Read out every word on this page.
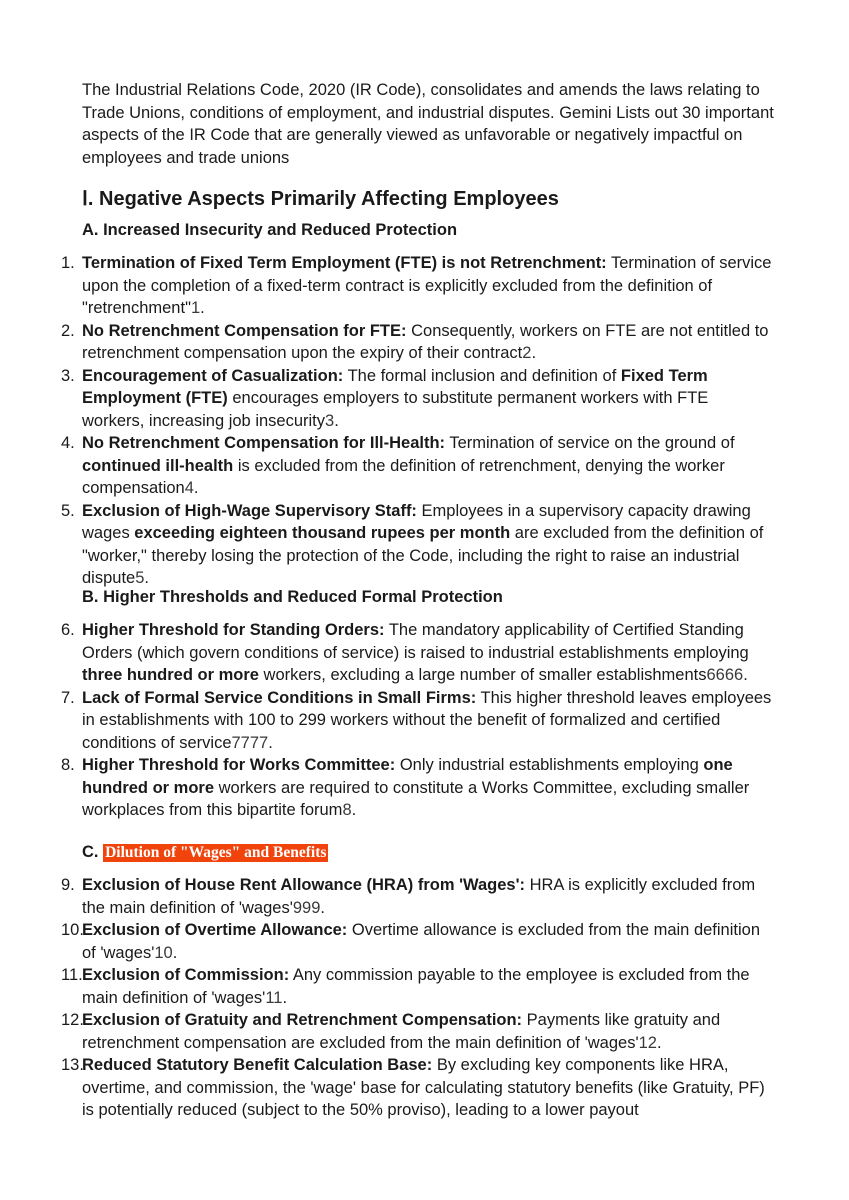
The Industrial Relations Code, 2020 (IR Code), consolidates and amends the laws relating to Trade Unions, conditions of employment, and industrial disputes. Gemini Lists out 30 important aspects of the IR Code that are generally viewed as unfavorable or negatively impactful on employees and trade unions

Ⅰ. Negative Aspects Primarily Affecting Employees
A. Increased Insecurity and Reduced Protection
1. Termination of Fixed Term Employment (FTE) is not Retrenchment: Termination of service upon the completion of a fixed-term contract is explicitly excluded from the definition of "retrenchment"1.
2. No Retrenchment Compensation for FTE: Consequently, workers on FTE are not entitled to retrenchment compensation upon the expiry of their contract2.
3. Encouragement of Casualization: The formal inclusion and definition of Fixed Term Employment (FTE) encourages employers to substitute permanent workers with FTE workers, increasing job insecurity3.
4. No Retrenchment Compensation for Ill-Health: Termination of service on the ground of continued ill-health is excluded from the definition of retrenchment, denying the worker compensation4.
5. Exclusion of High-Wage Supervisory Staff: Employees in a supervisory capacity drawing wages exceeding eighteen thousand rupees per month are excluded from the definition of "worker," thereby losing the protection of the Code, including the right to raise an industrial dispute5.
B. Higher Thresholds and Reduced Formal Protection
6. Higher Threshold for Standing Orders: The mandatory applicability of Certified Standing Orders (which govern conditions of service) is raised to industrial establishments employing three hundred or more workers, excluding a large number of smaller establishments6666.
7. Lack of Formal Service Conditions in Small Firms: This higher threshold leaves employees in establishments with 100 to 299 workers without the benefit of formalized and certified conditions of service7777.
8. Higher Threshold for Works Committee: Only industrial establishments employing one hundred or more workers are required to constitute a Works Committee, excluding smaller workplaces from this bipartite forum8.
C. Dilution of "Wages" and Benefits
9. Exclusion of House Rent Allowance (HRA) from 'Wages': HRA is explicitly excluded from the main definition of 'wages'999.
10.
Exclusion of Overtime Allowance: Overtime allowance is excluded from the main definition of 'wages'10.
11. Exclusion of Commission: Any commission payable to the employee is excluded from the main definition of 'wages'11.
12.
Exclusion of Gratuity and Retrenchment Compensation: Payments like gratuity and retrenchment compensation are excluded from the main definition of 'wages'12.
13.
Reduced Statutory Benefit Calculation Base: By excluding key components like HRA, overtime, and commission, the 'wage' base for calculating statutory benefits (like Gratuity, PF) is potentially reduced (subject to the 50% proviso), leading to a lower payout
